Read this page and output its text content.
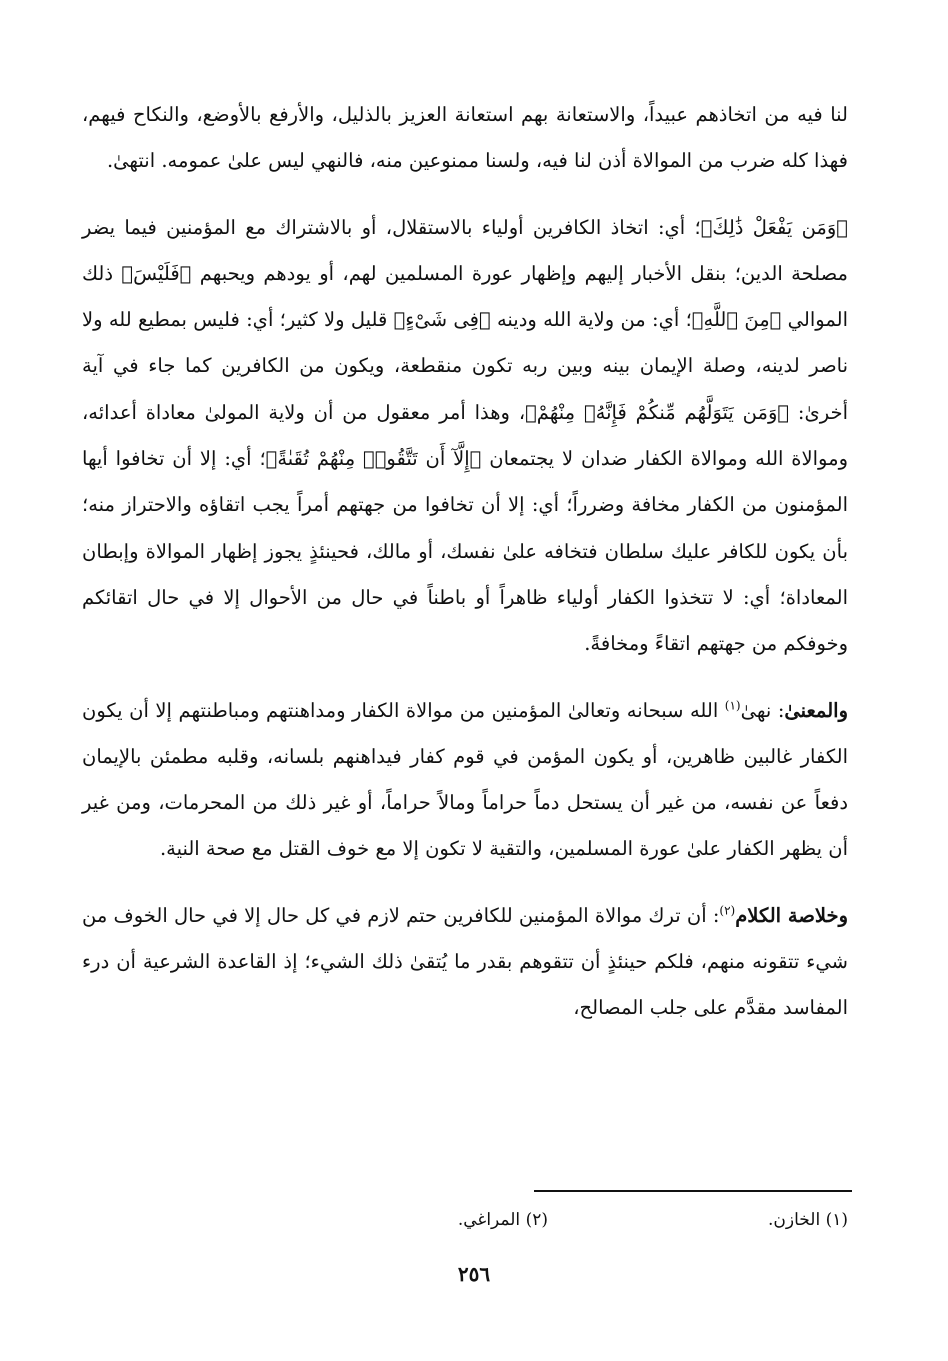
لنا فيه من اتخاذهم عبيداً، والاستعانة بهم استعانة العزيز بالذليل، والأرفع بالأوضع، والنكاح فيهم، فهذا كله ضرب من الموالاة أذن لنا فيه، ولسنا ممنوعين منه، فالنهي ليس علىٰ عمومه. انتهىٰ.

﴿وَمَن يَفْعَلْ ذَٰلِكَ﴾؛ أي: اتخاذ الكافرين أولياء بالاستقلال، أو بالاشتراك مع المؤمنين فيما يضر مصلحة الدين؛ بنقل الأخبار إليهم وإظهار عورة المسلمين لهم، أو يودهم ويحبهم ﴿فَلَيْسَ﴾ ذلك الموالي ﴿مِنَ ٱللَّهِ﴾؛ أي: من ولاية الله ودينه ﴿فِى شَىْءٍ﴾ قليل ولا كثير؛ أي: فليس بمطيع لله ولا ناصر لدينه، وصلة الإيمان بينه وبين ربه تكون منقطعة، ويكون من الكافرين كما جاء في آية أخرىٰ: ﴿وَمَن يَتَوَلَّهُم مِّنكُمْ فَإِنَّهُۥ مِنْهُمْ﴾، وهذا أمر معقول من أن ولاية المولىٰ معاداة أعدائه، وموالاة الله وموالاة الكفار ضدان لا يجتمعان ﴿إِلَّآ أَن تَتَّقُوا۟ مِنْهُمْ تُقَىٰةً﴾؛ أي: إلا أن تخافوا أيها المؤمنون من الكفار مخافة وضرراً؛ أي: إلا أن تخافوا من جهتهم أمراً يجب اتقاؤه والاحتراز منه؛ بأن يكون للكافر عليك سلطان فتخافه علىٰ نفسك، أو مالك، فحينئذٍ يجوز إظهار الموالاة وإبطان المعاداة؛ أي: لا تتخذوا الكفار أولياء ظاهراً أو باطناً في حال من الأحوال إلا في حال اتقائكم وخوفكم من جهتهم اتقاءً ومخافةً.

والمعنىٰ: نهىٰ$^{(١)}$ الله سبحانه وتعالىٰ المؤمنين من موالاة الكفار ومداهنتهم ومباطنتهم إلا أن يكون الكفار غالبين ظاهرين، أو يكون المؤمن في قوم كفار فيداهنهم بلسانه، وقلبه مطمئن بالإيمان دفعاً عن نفسه، من غير أن يستحل دماً حراماً ومالاً حراماً، أو غير ذلك من المحرمات، ومن غير أن يظهر الكفار علىٰ عورة المسلمين، والتقية لا تكون إلا مع خوف القتل مع صحة النية.

وخلاصة الكلام$^{(٢)}$: أن ترك موالاة المؤمنين للكافرين حتم لازم في كل حال إلا في حال الخوف من شيء تتقونه منهم، فلكم حينئذٍ أن تتقوهم بقدر ما يُتقىٰ ذلك الشيء؛ إذ القاعدة الشرعية أن درء المفاسد مقدَّم على جلب المصالح،

(١) الخازن.
(٢) المراغي.
٢٥٦
